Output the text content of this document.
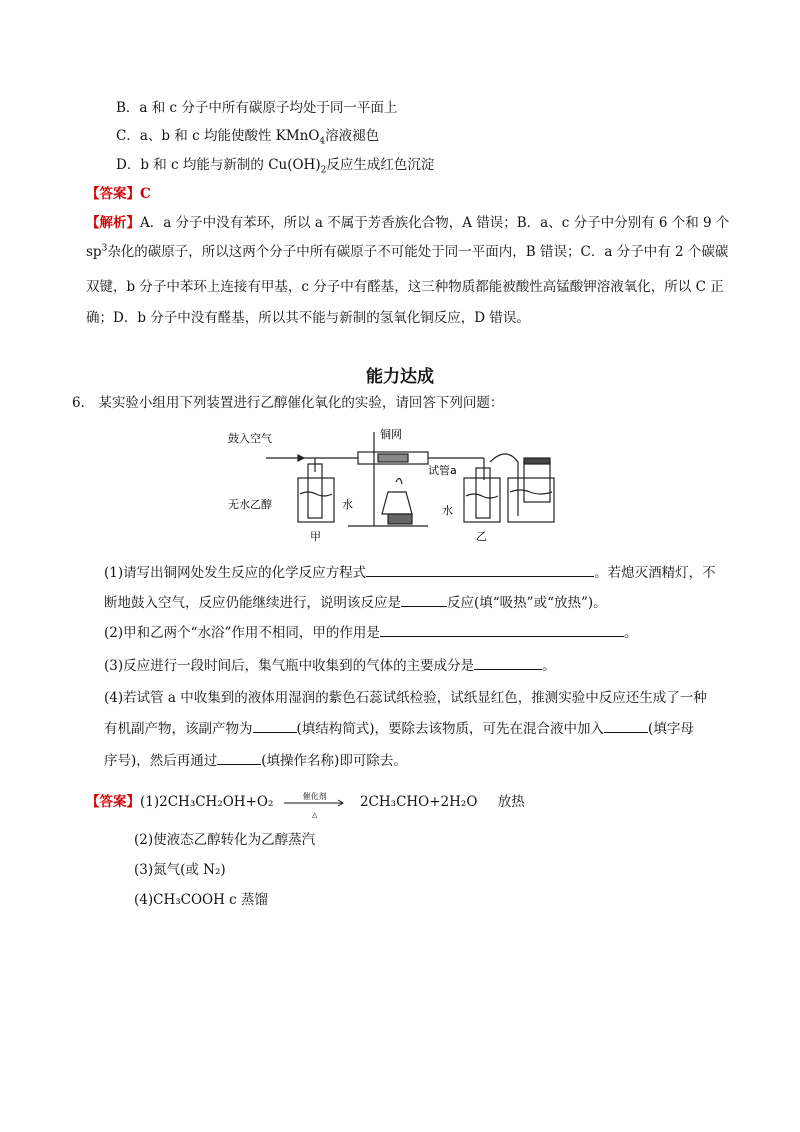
B．a 和 c 分子中所有碳原子均处于同一平面上
C．a、b 和 c 均能使酸性 KMnO$_4$溶液褪色
D．b 和 c 均能与新制的 $Cu(OH)_2$反应生成红色沉淀
【答案】C
【解析】A．a 分子中没有苯环，所以 a 不属于芳香族化合物，A 错误；B．a、c 分子中分别有 6 个和 9 个
$sp^3$杂化的碳原子，所以这两个分子中所有碳原子不可能处于同一平面内，B 错误；C．a 分子中有 2 个碳碳
双键，b 分子中苯环上连接有甲基，c 分子中有醛基，这三种物质都能被酸性高锰酸钾溶液氧化，所以 C 正
确；D．b 分子中没有醛基，所以其不能与新制的氢氧化铜反应，D 错误。
能力达成
6． 某实验小组用下列装置进行乙醇催化氧化的实验，请回答下列问题：
鼓入空气	铜网
试管a
无水乙醇	水	水
甲	乙
(1)请写出铜网处发生反应的化学反应方程式	。若熄灭酒精灯，不
断地鼓入空气，反应仍能继续进行，说明该反应是	反应(填“吸热”或“放热”)。
(2)甲和乙两个“水浴”作用不相同，甲的作用是	。
(3)反应进行一段时间后，集气瓶中收集到的气体的主要成分是	。
(4)若试管 a 中收集到的液体用湿润的紫色石蕊试纸检验，试纸显红色，推测实验中反应还生成了一种
有机副产物，该副产物为	(填结构简式)，要除去该物质，可先在混合液中加入	(填字母
序号)，然后再通过	(填操作名称)即可除去。
【答案】(1)2CH₃CH₂OH+O₂	催化剂
△
2CH₃CHO+2H₂O 放热
(2)使液态乙醇转化为乙醇蒸汽
(3)氮气(或 N₂)
(4)CH₃COOH c 蒸馏
